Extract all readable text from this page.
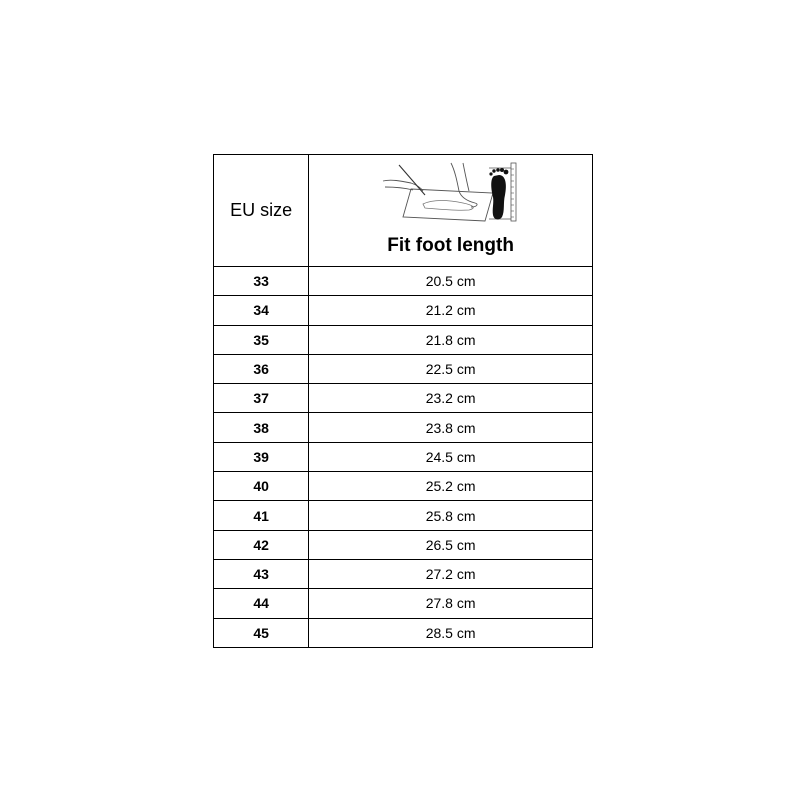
EU size	Fit foot length

33	20.5 cm
34	21.2 cm
35	21.8 cm
36	22.5 cm
37	23.2 cm
38	23.8 cm
39	24.5 cm
40	25.2 cm
41	25.8 cm
42	26.5 cm
43	27.2 cm
44	27.8 cm
45	28.5 cm
